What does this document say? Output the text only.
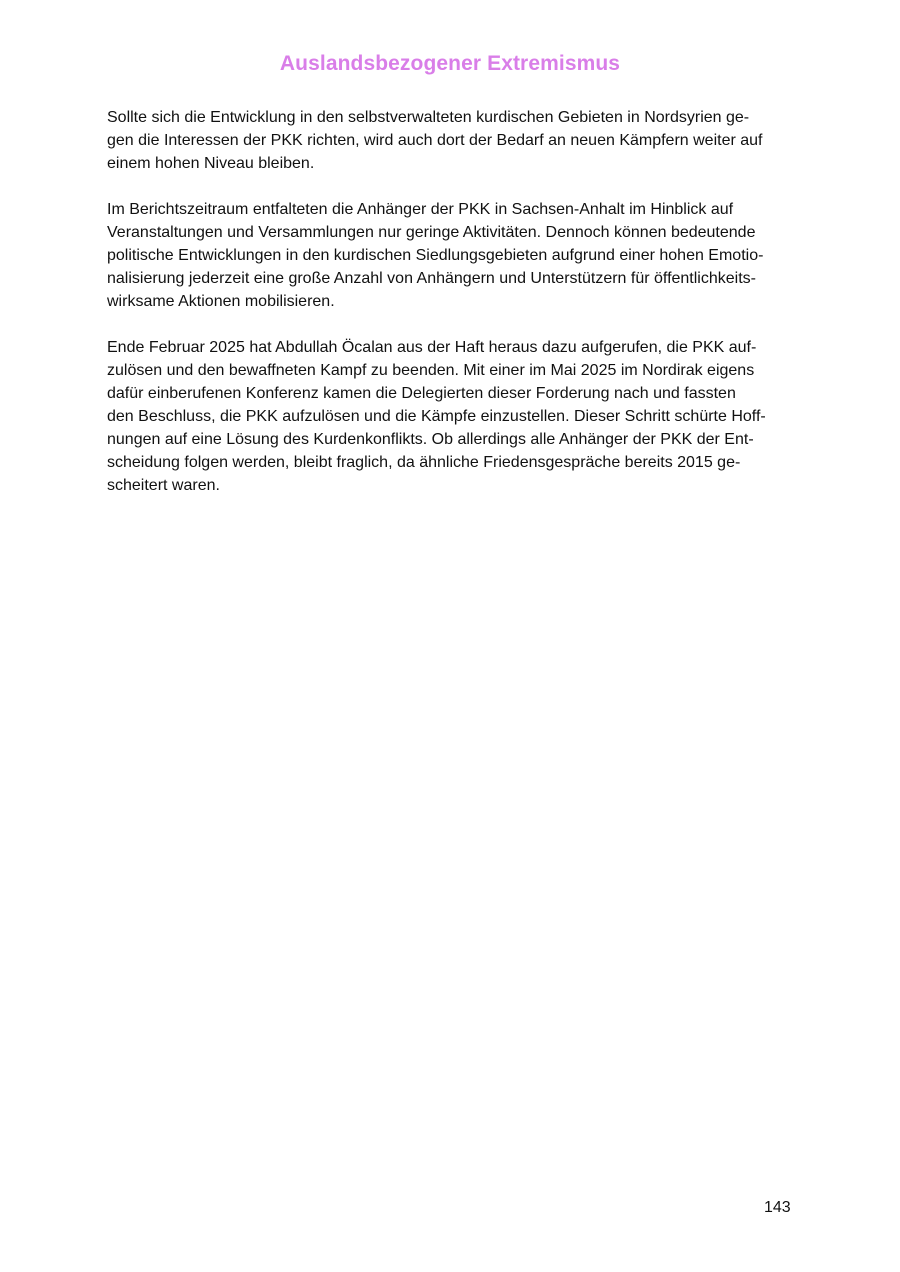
Auslandsbezogener Extremismus

Sollte sich die Entwicklung in den selbstverwalteten kurdischen Gebieten in Nordsyrien ge-
gen die Interessen der PKK richten, wird auch dort der Bedarf an neuen Kämpfern weiter auf
einem hohen Niveau bleiben.

Im Berichtszeitraum entfalteten die Anhänger der PKK in Sachsen-Anhalt im Hinblick auf
Veranstaltungen und Versammlungen nur geringe Aktivitäten. Dennoch können bedeutende
politische Entwicklungen in den kurdischen Siedlungsgebieten aufgrund einer hohen Emotio-
nalisierung jederzeit eine große Anzahl von Anhängern und Unterstützern für öffentlichkeits-
wirksame Aktionen mobilisieren.

Ende Februar 2025 hat Abdullah Öcalan aus der Haft heraus dazu aufgerufen, die PKK auf-
zulösen und den bewaffneten Kampf zu beenden. Mit einer im Mai 2025 im Nordirak eigens
dafür einberufenen Konferenz kamen die Delegierten dieser Forderung nach und fassten
den Beschluss, die PKK aufzulösen und die Kämpfe einzustellen. Dieser Schritt schürte Hoff-
nungen auf eine Lösung des Kurdenkonflikts. Ob allerdings alle Anhänger der PKK der Ent-
scheidung folgen werden, bleibt fraglich, da ähnliche Friedensgespräche bereits 2015 ge-
scheitert waren.

143
